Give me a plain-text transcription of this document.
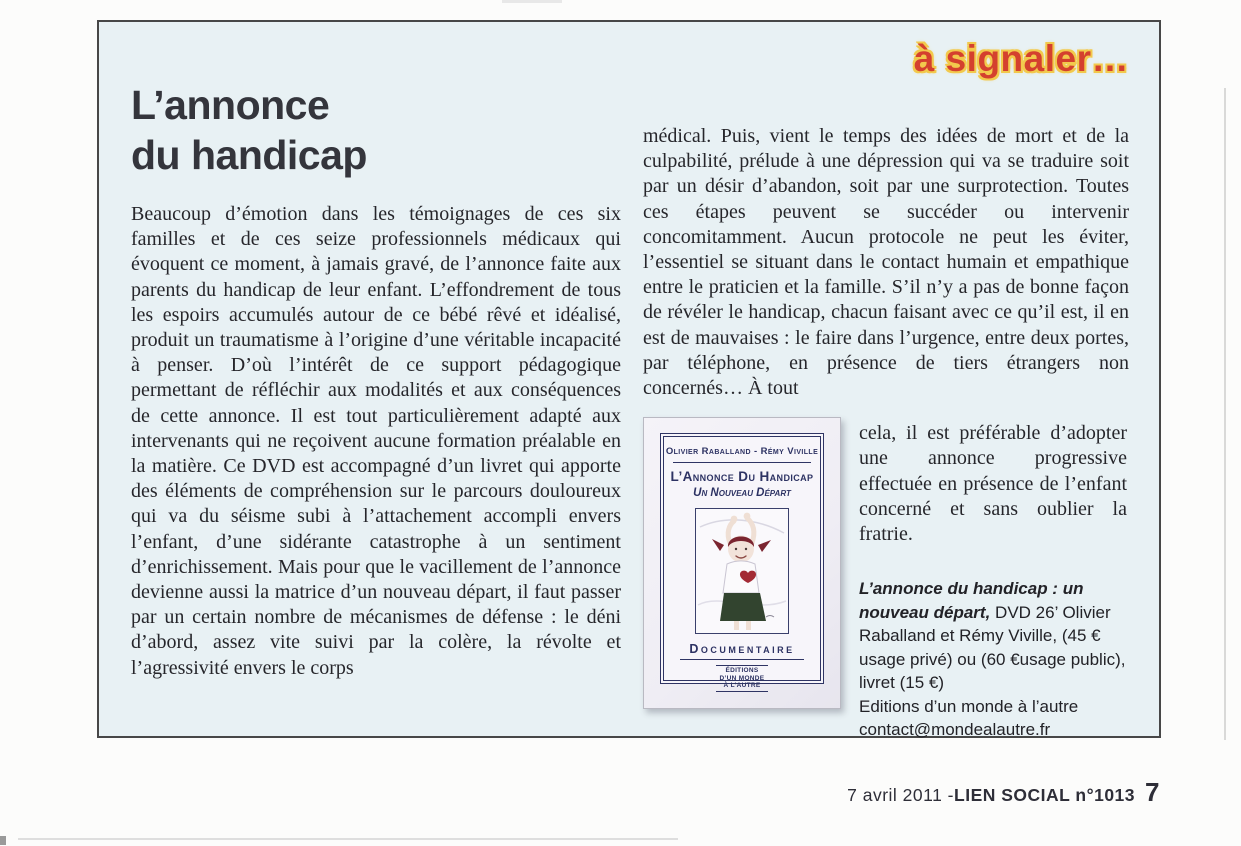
à signaler…
L’annonce
du handicap

Beaucoup d’émotion dans les témoignages de ces six familles et de ces seize professionnels médicaux qui évoquent ce moment, à jamais gravé, de l’annonce faite aux parents du handicap de leur enfant. L’effondrement de tous les espoirs accumulés autour de ce bébé rêvé et idéalisé, produit un traumatisme à l’origine d’une véritable incapacité à penser. D’où l’intérêt de ce support pédagogique permettant de réfléchir aux modalités et aux conséquences de cette annonce. Il est tout particulièrement adapté aux intervenants qui ne reçoivent aucune formation préalable en la matière. Ce DVD est accompagné d’un livret qui apporte des éléments de compréhension sur le parcours douloureux qui va du séisme subi à l’attachement accompli envers l’enfant, d’une sidérante catastrophe à un sentiment d’enrichissement. Mais pour que le vacillement de l’annonce devienne aussi la matrice d’un nouveau départ, il faut passer par un certain nombre de mécanismes de défense : le déni d’abord, assez vite suivi par la colère, la révolte et l’agressivité envers le corps

médical. Puis, vient le temps des idées de mort et de la culpabilité, prélude à une dépression qui va se traduire soit par un désir d’abandon, soit par une surprotection. Toutes ces étapes peuvent se succéder ou intervenir concomitamment. Aucun protocole ne peut les éviter, l’essentiel se situant dans le contact humain et empathique entre le praticien et la famille. S’il n’y a pas de bonne façon de révéler le handicap, chacun faisant avec ce qu’il est, il en est de mauvaises : le faire dans l’urgence, entre deux portes, par téléphone, en présence de tiers étrangers non concernés… À tout

Olivier Raballand - Rémy Viville
L’Annonce Du Handicap
Un Nouveau Départ
Documentaire
ÉDITIONS
D’UN MONDE
À L’AUTRE

cela, il est préférable d’adopter une annonce progressive effectuée en présence de l’enfant concerné et sans oublier la fratrie.

L’annonce du handicap : un nouveau départ, DVD 26’ Olivier Raballand et Rémy Viville, (45 € usage privé) ou (60 €usage public), livret (15 €)
Editions d’un monde à l’autre
contact@mondealautre.fr
7 avril 2011 - LIEN SOCIAL n°1013 7
